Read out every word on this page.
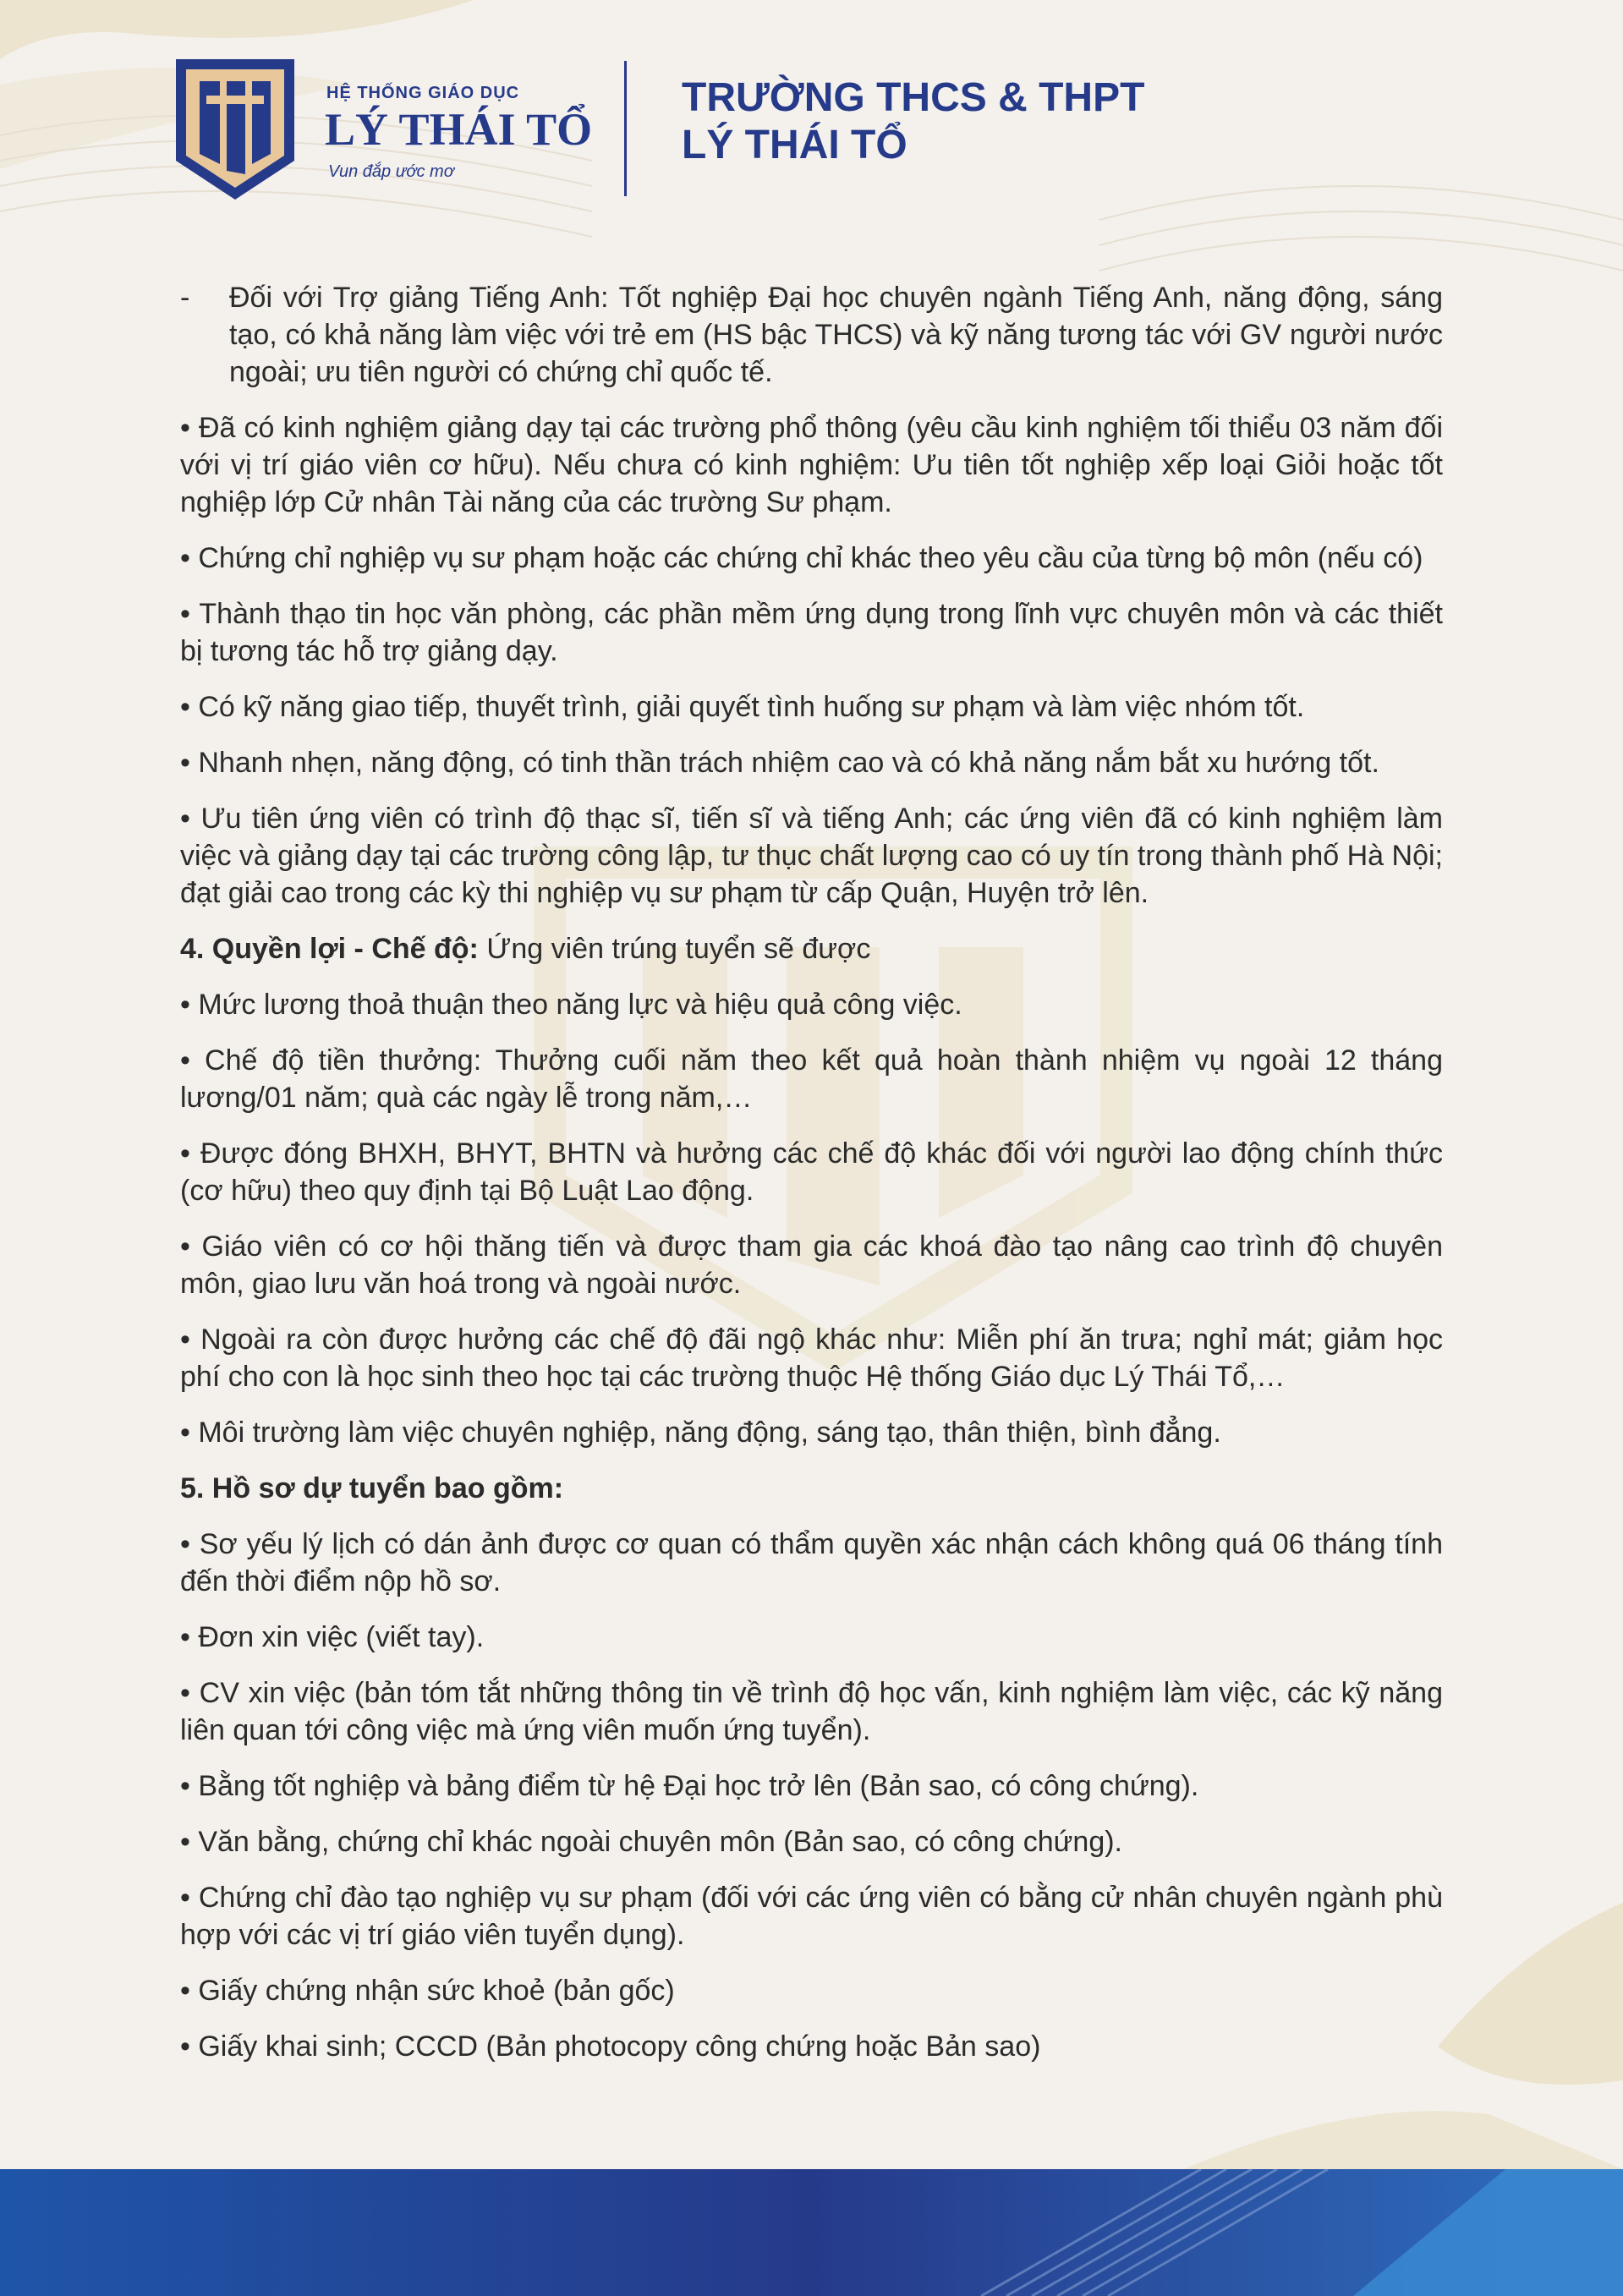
HỆ THỐNG GIÁO DỤC
LÝ THÁI TỔ
Vun đắp ước mơ
TRƯỜNG THCS & THPT
LÝ THÁI TỔ
- Đối với Trợ giảng Tiếng Anh: Tốt nghiệp Đại học chuyên ngành Tiếng Anh, năng động, sáng tạo, có khả năng làm việc với trẻ em (HS bậc THCS) và kỹ năng tương tác với GV người nước ngoài; ưu tiên người có chứng chỉ quốc tế.

• Đã có kinh nghiệm giảng dạy tại các trường phổ thông (yêu cầu kinh nghiệm tối thiểu 03 năm đối với vị trí giáo viên cơ hữu). Nếu chưa có kinh nghiệm: Ưu tiên tốt nghiệp xếp loại Giỏi hoặc tốt nghiệp lớp Cử nhân Tài năng của các trường Sư phạm.

• Chứng chỉ nghiệp vụ sư phạm hoặc các chứng chỉ khác theo yêu cầu của từng bộ môn (nếu có)

• Thành thạo tin học văn phòng, các phần mềm ứng dụng trong lĩnh vực chuyên môn và các thiết bị tương tác hỗ trợ giảng dạy.

• Có kỹ năng giao tiếp, thuyết trình, giải quyết tình huống sư phạm và làm việc nhóm tốt.

• Nhanh nhẹn, năng động, có tinh thần trách nhiệm cao và có khả năng nắm bắt xu hướng tốt.

• Ưu tiên ứng viên có trình độ thạc sĩ, tiến sĩ và tiếng Anh; các ứng viên đã có kinh nghiệm làm việc và giảng dạy tại các trường công lập, tư thục chất lượng cao có uy tín trong thành phố Hà Nội; đạt giải cao trong các kỳ thi nghiệp vụ sư phạm từ cấp Quận, Huyện trở lên.

4. Quyền lợi - Chế độ: Ứng viên trúng tuyển sẽ được

• Mức lương thoả thuận theo năng lực và hiệu quả công việc.

• Chế độ tiền thưởng: Thưởng cuối năm theo kết quả hoàn thành nhiệm vụ ngoài 12 tháng lương/01 năm; quà các ngày lễ trong năm,…

• Được đóng BHXH, BHYT, BHTN và hưởng các chế độ khác đối với người lao động chính thức (cơ hữu) theo quy định tại Bộ Luật Lao động.

• Giáo viên có cơ hội thăng tiến và được tham gia các khoá đào tạo nâng cao trình độ chuyên môn, giao lưu văn hoá trong và ngoài nước.

• Ngoài ra còn được hưởng các chế độ đãi ngộ khác như: Miễn phí ăn trưa; nghỉ mát; giảm học phí cho con là học sinh theo học tại các trường thuộc Hệ thống Giáo dục Lý Thái Tổ,…

• Môi trường làm việc chuyên nghiệp, năng động, sáng tạo, thân thiện, bình đẳng.

5. Hồ sơ dự tuyển bao gồm:

• Sơ yếu lý lịch có dán ảnh được cơ quan có thẩm quyền xác nhận cách không quá 06 tháng tính đến thời điểm nộp hồ sơ.

• Đơn xin việc (viết tay).

• CV xin việc (bản tóm tắt những thông tin về trình độ học vấn, kinh nghiệm làm việc, các kỹ năng liên quan tới công việc mà ứng viên muốn ứng tuyển).

• Bằng tốt nghiệp và bảng điểm từ hệ Đại học trở lên (Bản sao, có công chứng).

• Văn bằng, chứng chỉ khác ngoài chuyên môn (Bản sao, có công chứng).

• Chứng chỉ đào tạo nghiệp vụ sư phạm (đối với các ứng viên có bằng cử nhân chuyên ngành phù hợp với các vị trí giáo viên tuyển dụng).

• Giấy chứng nhận sức khoẻ (bản gốc)

• Giấy khai sinh; CCCD (Bản photocopy công chứng hoặc Bản sao)
